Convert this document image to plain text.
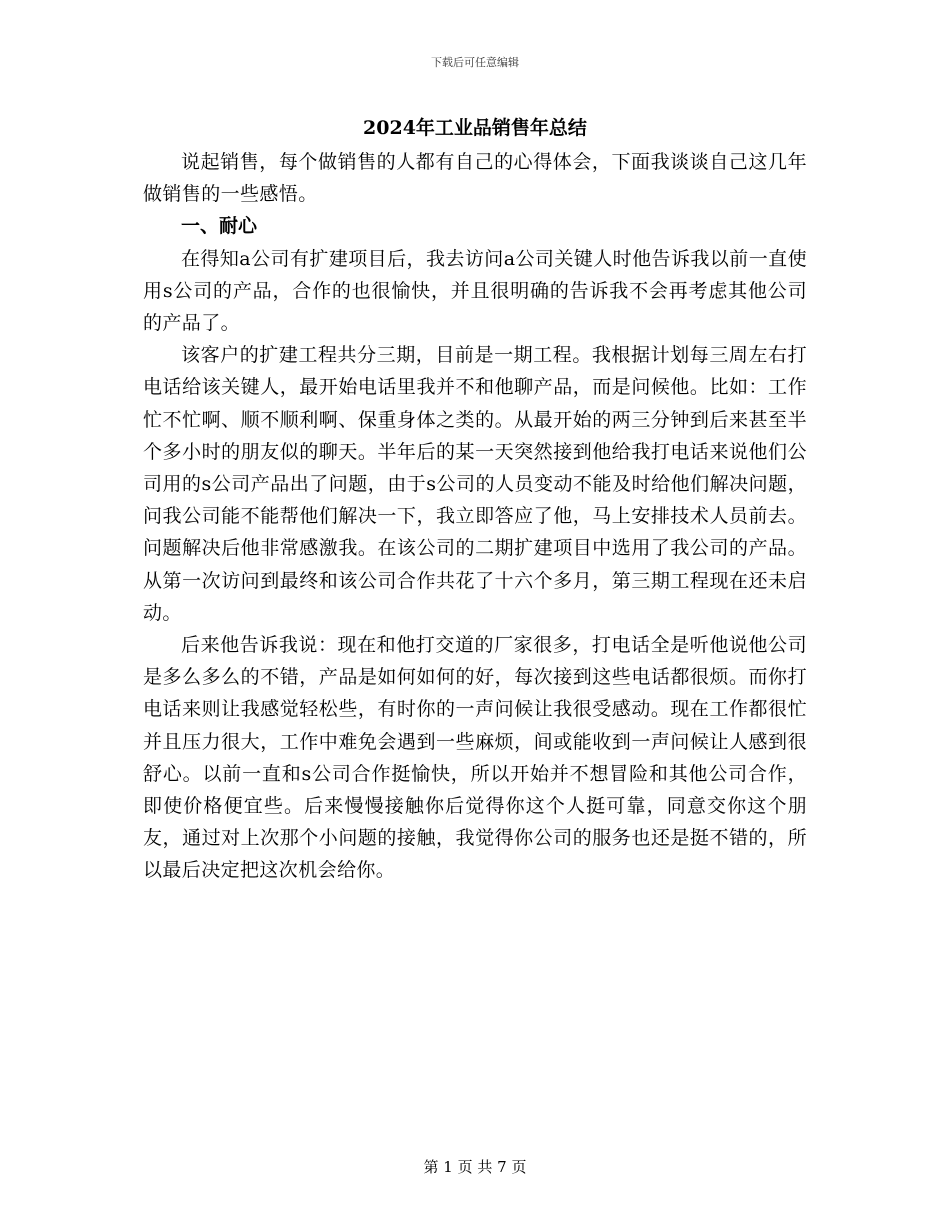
下载后可任意编辑
2024年工业品销售年总结

说起销售，每个做销售的人都有自己的心得体会，下面我谈谈自己这几年做销售的一些感悟。

一、耐心

在得知a公司有扩建项目后，我去访问a公司关键人时他告诉我以前一直使用s公司的产品，合作的也很愉快，并且很明确的告诉我不会再考虑其他公司的产品了。

该客户的扩建工程共分三期，目前是一期工程。我根据计划每三周左右打电话给该关键人，最开始电话里我并不和他聊产品，而是问候他。比如：工作忙不忙啊、顺不顺利啊、保重身体之类的。从最开始的两三分钟到后来甚至半个多小时的朋友似的聊天。半年后的某一天突然接到他给我打电话来说他们公司用的s公司产品出了问题，由于s公司的人员变动不能及时给他们解决问题，问我公司能不能帮他们解决一下，我立即答应了他，马上安排技术人员前去。问题解决后他非常感激我。在该公司的二期扩建项目中选用了我公司的产品。从第一次访问到最终和该公司合作共花了十六个多月，第三期工程现在还未启动。

后来他告诉我说：现在和他打交道的厂家很多，打电话全是听他说他公司是多么多么的不错，产品是如何如何的好，每次接到这些电话都很烦。而你打电话来则让我感觉轻松些，有时你的一声问候让我很受感动。现在工作都很忙并且压力很大，工作中难免会遇到一些麻烦，间或能收到一声问候让人感到很舒心。以前一直和s公司合作挺愉快，所以开始并不想冒险和其他公司合作，即使价格便宜些。后来慢慢接触你后觉得你这个人挺可靠，同意交你这个朋友，通过对上次那个小问题的接触，我觉得你公司的服务也还是挺不错的，所以最后决定把这次机会给你。

第 1 页 共 7 页
